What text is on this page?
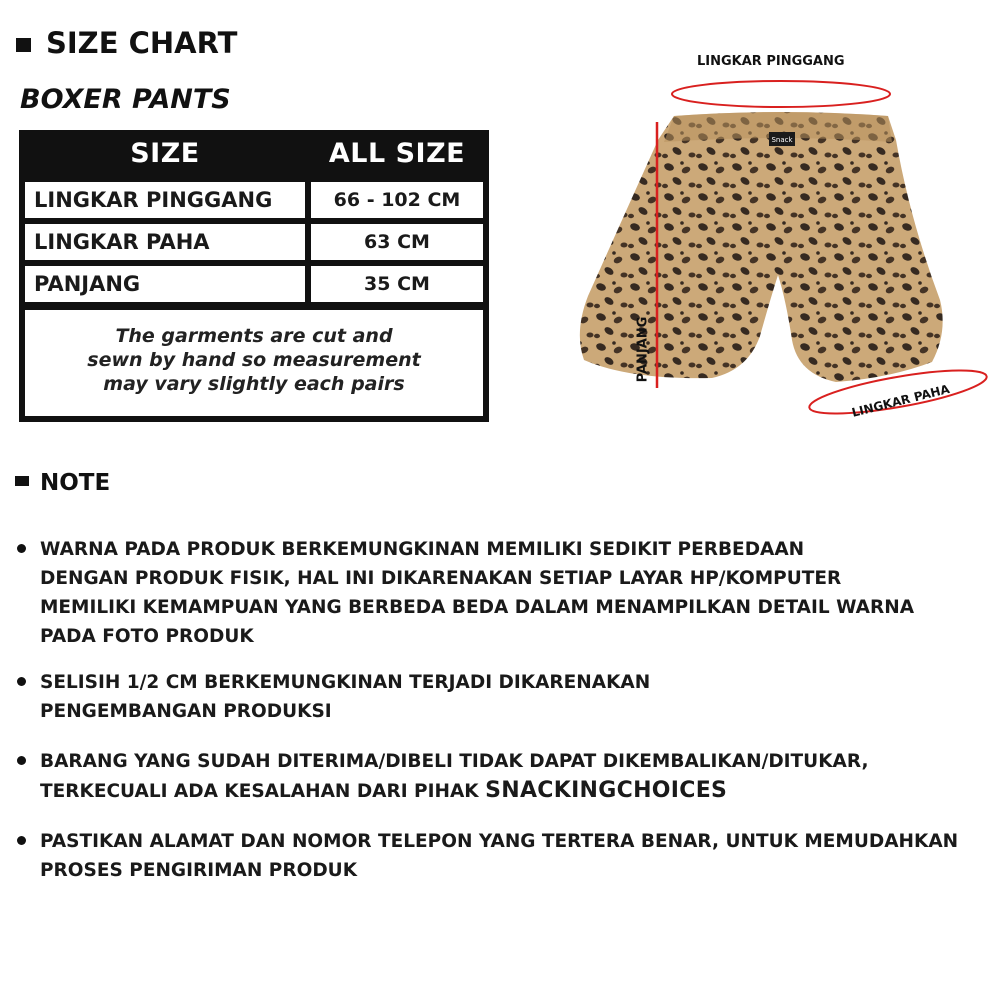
SIZE CHART
BOXER PANTS
SIZE	ALL SIZE
LINGKAR PINGGANG	66 - 102 CM
LINGKAR PAHA	63 CM
PANJANG	35 CM
The garments are cut and
sewn by hand so measurement
may vary slightly each pairs
LINGKAR PINGGANG
Snack
PANJANG
LINGKAR PAHA
NOTE
WARNA PADA PRODUK BERKEMUNGKINAN MEMILIKI SEDIKIT PERBEDAAN
DENGAN PRODUK FISIK, HAL INI DIKARENAKAN SETIAP LAYAR HP/KOMPUTER
MEMILIKI KEMAMPUAN YANG BERBEDA BEDA DALAM MENAMPILKAN DETAIL WARNA
PADA FOTO PRODUK
SELISIH 1/2 CM BERKEMUNGKINAN TERJADI DIKARENAKAN
PENGEMBANGAN PRODUKSI
BARANG YANG SUDAH DITERIMA/DIBELI TIDAK DAPAT DIKEMBALIKAN/DITUKAR,
TERKECUALI ADA KESALAHAN DARI PIHAK SNACKINGCHOICES
PASTIKAN ALAMAT DAN NOMOR TELEPON YANG TERTERA BENAR, UNTUK MEMUDAHKAN
PROSES PENGIRIMAN PRODUK
